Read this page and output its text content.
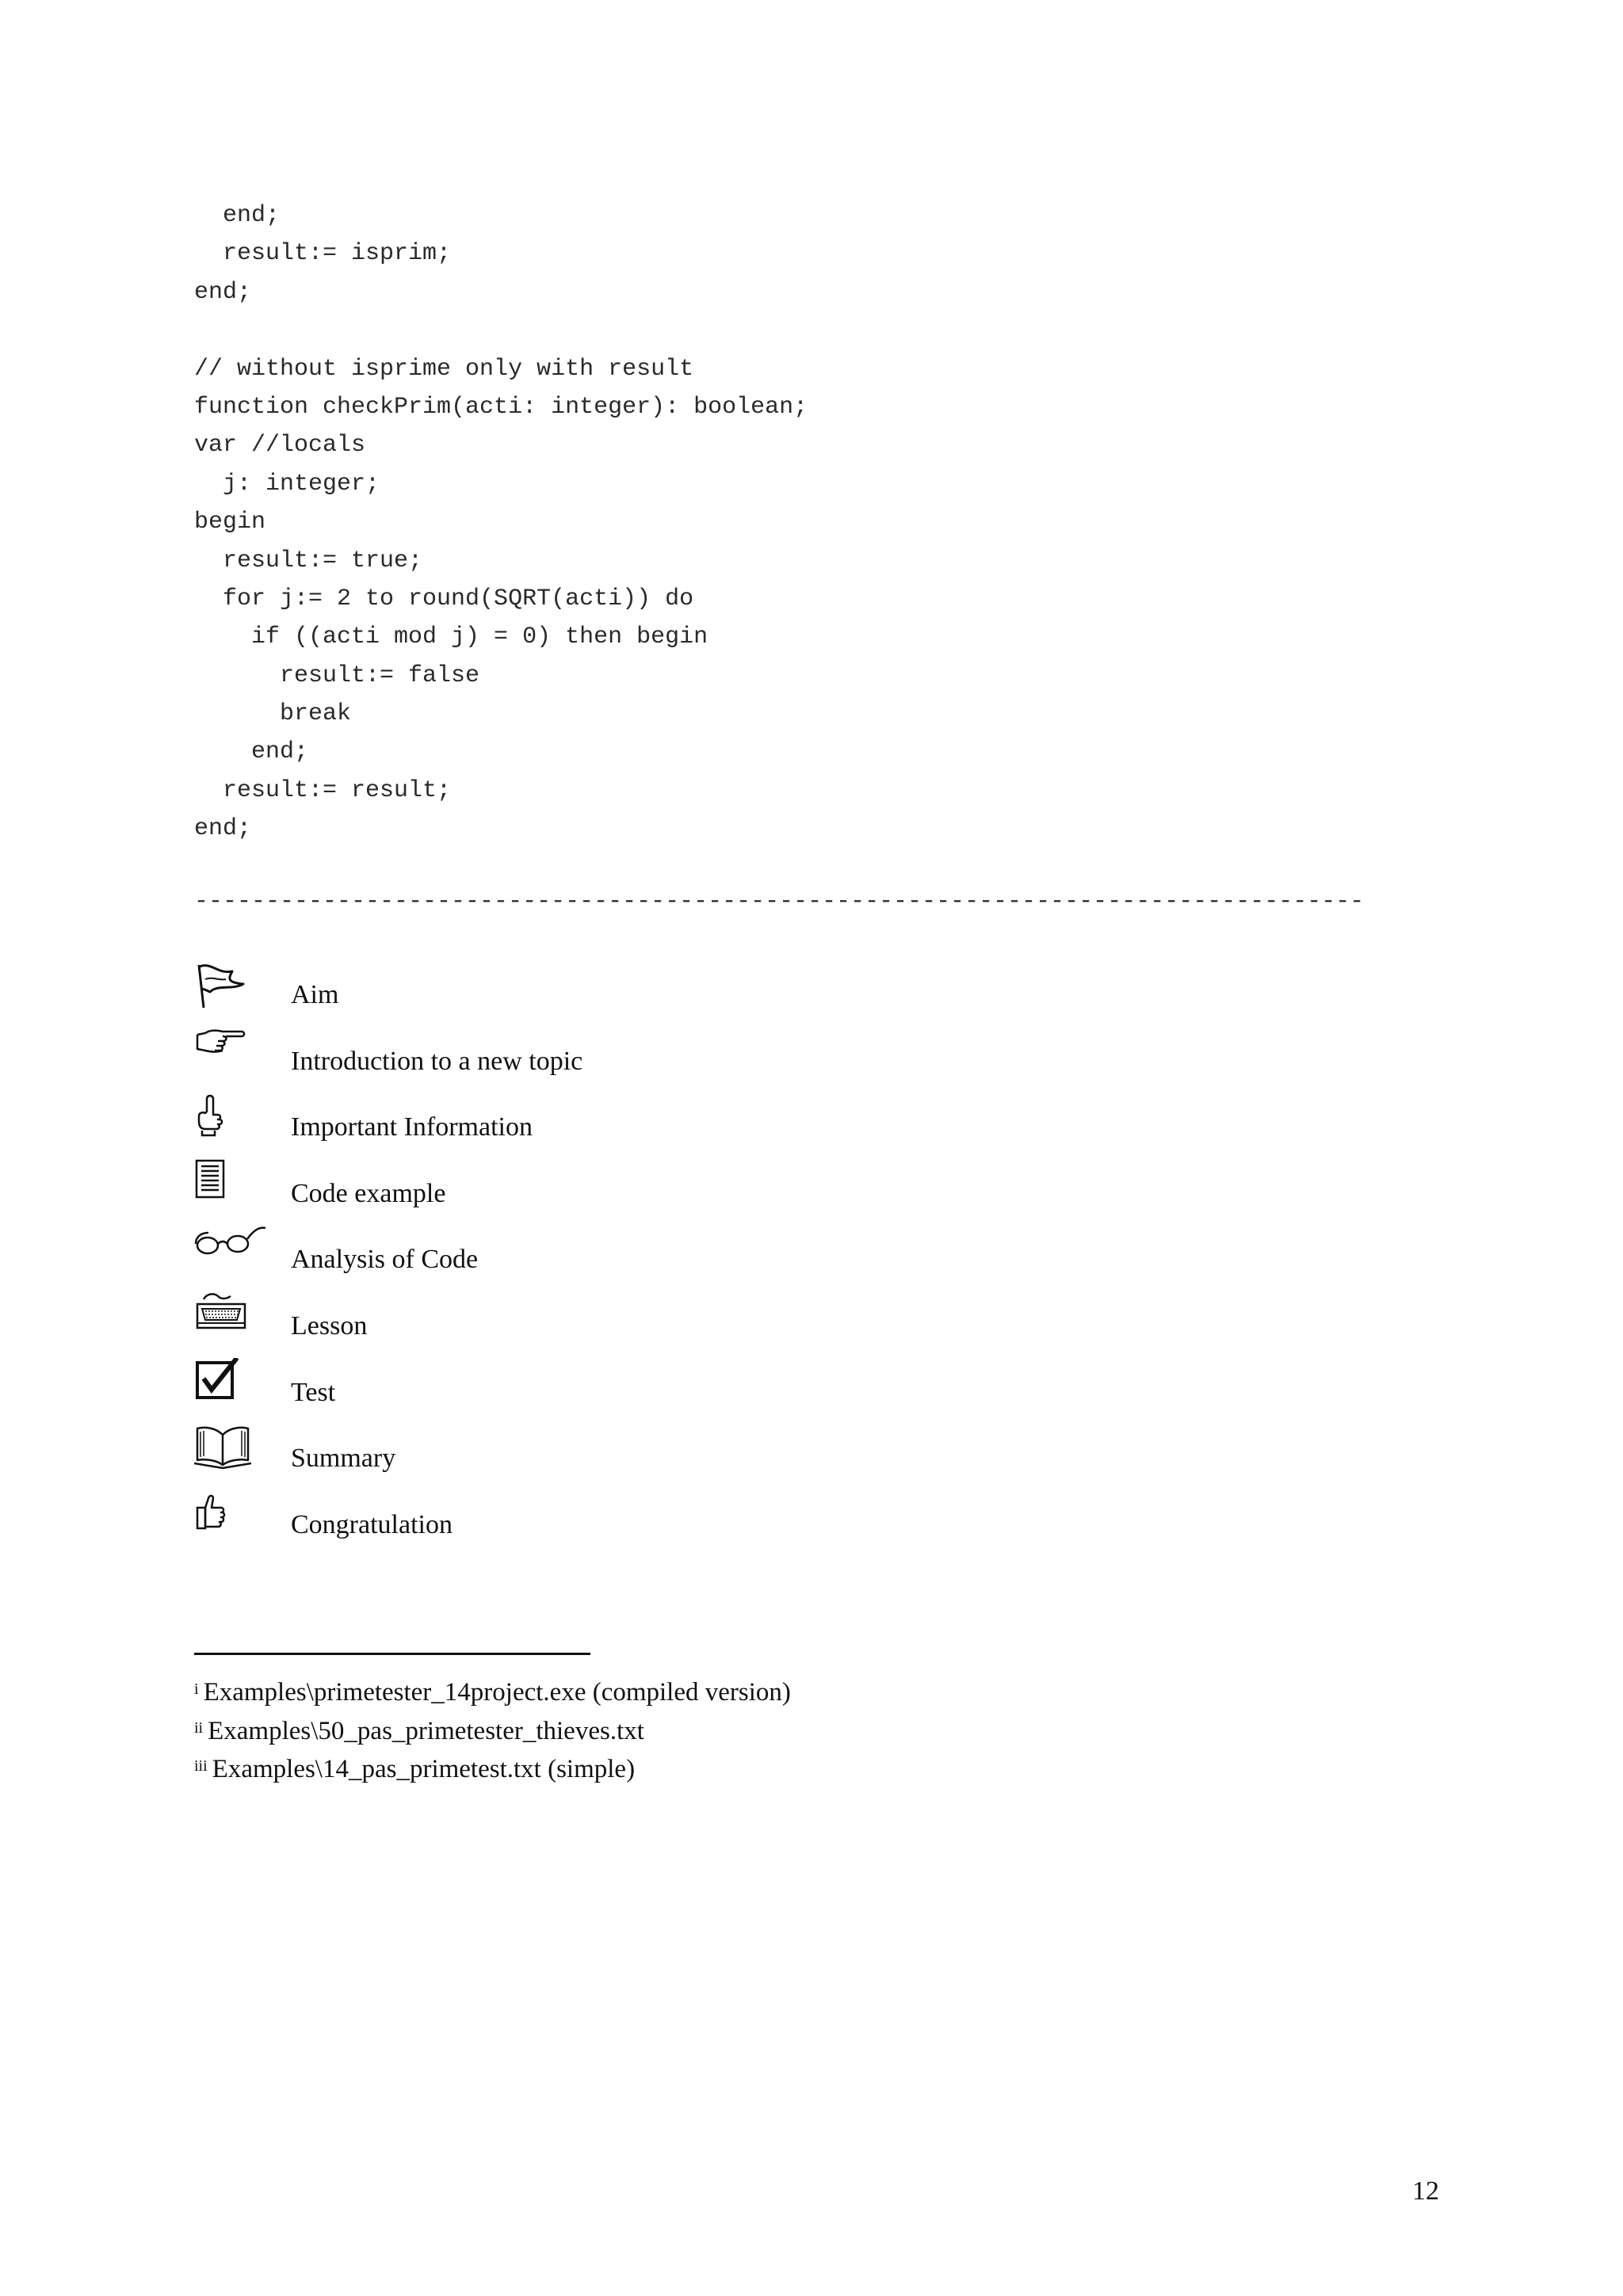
end;
result:= isprim;
end;
// without isprime only with result
function checkPrim(acti: integer): boolean;
var //locals
j: integer;
begin
result:= true;
for j:= 2 to round(SQRT(acti)) do
if ((acti mod j) = 0) then begin
result:= false
break
end;
result:= result;
end;
----------------------------------------------------------------------------------
Aim
Introduction to a new topic
Important Information
Code example
Analysis of Code
Lesson
Test
Summary
Congratulation
$^i$ Examples\primetester_14project.exe (compiled version)
$^{ii}$ Examples\50_pas_primetester_thieves.txt
$^{iii}$ Examples\14_pas_primetest.txt (simple)
12
